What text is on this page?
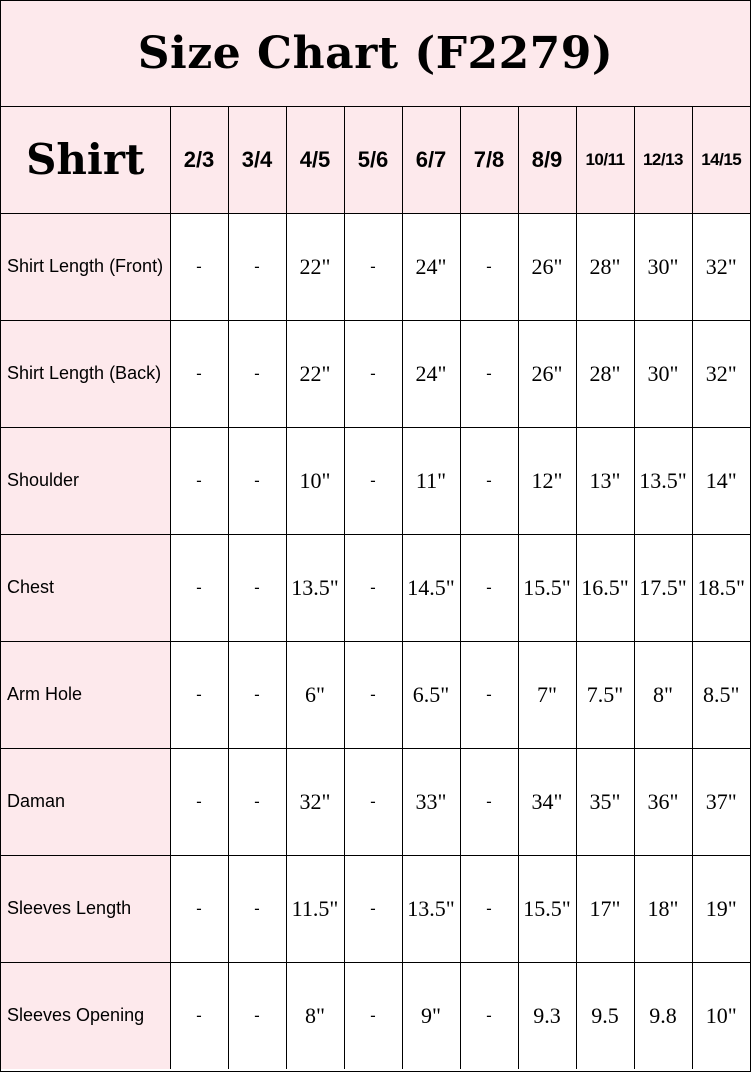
Size Chart (F2279)
Shirt	2/3	3/4	4/5	5/6	6/7	7/8	8/9	10/11	12/13	14/15
Shirt Length (Front)	-	-	22"	-	24"	-	26"	28"	30"	32"
Shirt Length (Back)	-	-	22"	-	24"	-	26"	28"	30"	32"
Shoulder	-	-	10"	-	11"	-	12"	13"	13.5"	14"
Chest	-	-	13.5"	-	14.5"	-	15.5"	16.5"	17.5"	18.5"
Arm Hole	-	-	6"	-	6.5"	-	7"	7.5"	8"	8.5"
Daman	-	-	32"	-	33"	-	34"	35"	36"	37"
Sleeves Length	-	-	11.5"	-	13.5"	-	15.5"	17"	18"	19"
Sleeves Opening	-	-	8"	-	9"	-	9.3	9.5	9.8	10"
